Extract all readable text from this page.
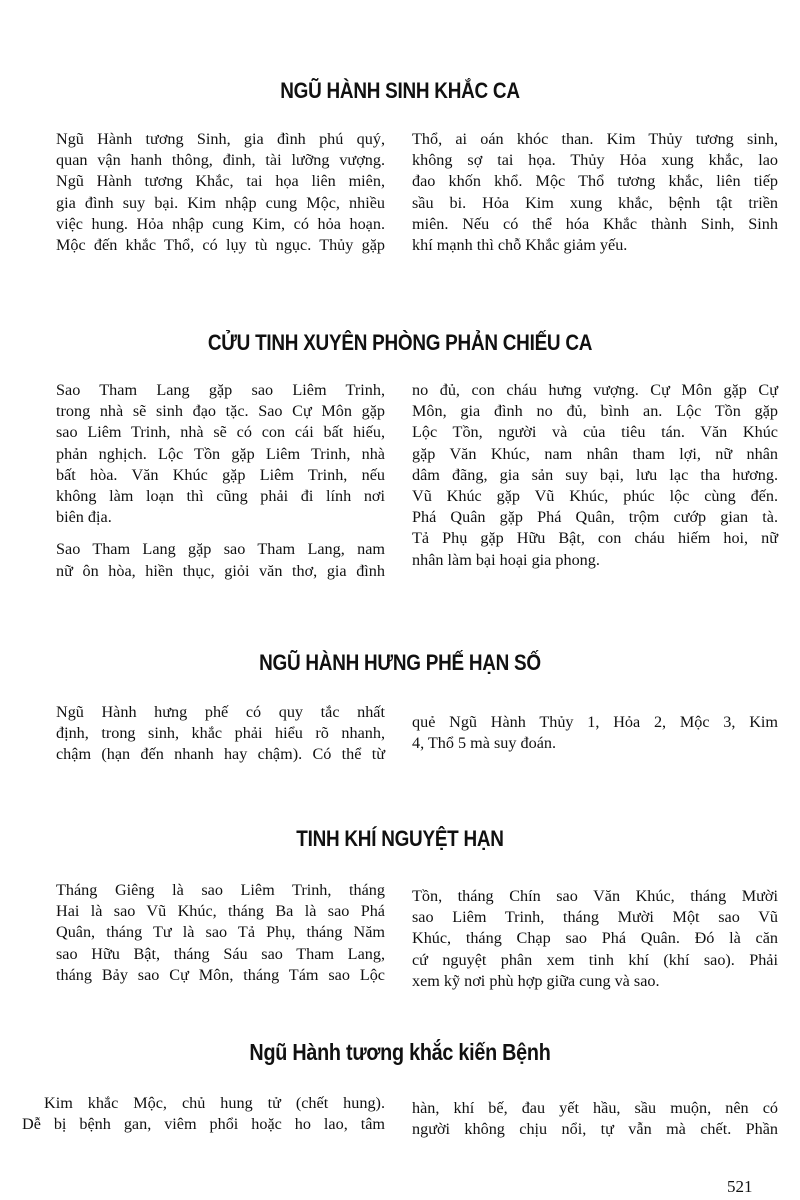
NGŨ HÀNH SINH KHẮC CA

Ngũ Hành tương Sinh, gia đình phú quý,
quan vận hanh thông, đinh, tài lưỡng vượng.
Ngũ Hành tương Khắc, tai họa liên miên,
gia đình suy bại. Kim nhập cung Mộc, nhiều
việc hung. Hỏa nhập cung Kim, có hỏa hoạn.
Mộc đến khắc Thổ, có lụy tù ngục. Thủy gặp

Thổ, ai oán khóc than. Kim Thủy tương sinh,
không sợ tai họa. Thủy Hỏa xung khắc, lao
đao khốn khổ. Mộc Thổ tương khắc, liên tiếp
sầu bi. Hỏa Kim xung khắc, bệnh tật triền
miên. Nếu có thể hóa Khắc thành Sinh, Sinh
khí mạnh thì chỗ Khắc giảm yếu.

CỬU TINH XUYÊN PHÒNG PHẢN CHIẾU CA

Sao Tham Lang gặp sao Liêm Trinh,
trong nhà sẽ sinh đạo tặc. Sao Cự Môn gặp
sao Liêm Trinh, nhà sẽ có con cái bất hiếu,
phản nghịch. Lộc Tồn gặp Liêm Trinh, nhà
bất hòa. Văn Khúc gặp Liêm Trinh, nếu
không làm loạn thì cũng phải đi lính nơi
biên địa.

Sao Tham Lang gặp sao Tham Lang, nam
nữ ôn hòa, hiền thục, giỏi văn thơ, gia đình

no đủ, con cháu hưng vượng. Cự Môn gặp Cự
Môn, gia đình no đủ, bình an. Lộc Tồn gặp
Lộc Tồn, người và của tiêu tán. Văn Khúc
gặp Văn Khúc, nam nhân tham lợi, nữ nhân
dâm đãng, gia sản suy bại, lưu lạc tha hương.
Vũ Khúc gặp Vũ Khúc, phúc lộc cùng đến.
Phá Quân gặp Phá Quân, trộm cướp gian tà.
Tả Phụ gặp Hữu Bật, con cháu hiếm hoi, nữ
nhân làm bại hoại gia phong.

NGŨ HÀNH HƯNG PHẾ HẠN SỐ

Ngũ Hành hưng phế có quy tắc nhất
định, trong sinh, khắc phải hiểu rõ nhanh,
chậm (hạn đến nhanh hay chậm). Có thể từ

quẻ Ngũ Hành Thủy 1, Hỏa 2, Mộc 3, Kim
4, Thổ 5 mà suy đoán.

TINH KHÍ NGUYỆT HẠN

Tháng Giêng là sao Liêm Trinh, tháng
Hai là sao Vũ Khúc, tháng Ba là sao Phá
Quân, tháng Tư là sao Tả Phụ, tháng Năm
sao Hữu Bật, tháng Sáu sao Tham Lang,
tháng Bảy sao Cự Môn, tháng Tám sao Lộc

Tồn, tháng Chín sao Văn Khúc, tháng Mười
sao Liêm Trinh, tháng Mười Một sao Vũ
Khúc, tháng Chạp sao Phá Quân. Đó là căn
cứ nguyệt phân xem tinh khí (khí sao). Phải
xem kỹ nơi phù hợp giữa cung và sao.

Ngũ Hành tương khắc kiến Bệnh

Kim khắc Mộc, chủ hung tử (chết hung).
Dễ bị bệnh gan, viêm phổi hoặc ho lao, tâm

hàn, khí bế, đau yết hầu, sầu muộn, nên có
người không chịu nổi, tự vẫn mà chết. Phần

521
